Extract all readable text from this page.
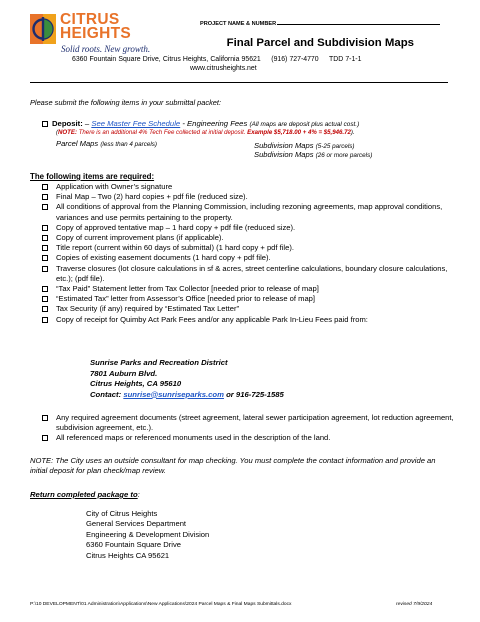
CITRUS
HEIGHTS
Solid roots. New growth.
PROJECT NAME & NUMBER
Final Parcel and Subdivision Maps
6360 Fountain Square Drive, Citrus Heights, California 95621     (916) 727-4770     TDD 7-1-1
www.citrusheights.net
Please submit the following items in your submittal packet:
Deposit: – See Master Fee Schedule - Engineering Fees (All maps are deposit plus actual cost.)
(NOTE: There is an additional 4% Tech Fee collected at initial deposit. Example $5,718.00 + 4% = $5,946.72).
Parcel Maps (less than 4 parcels)	Subdivision Maps (5-25 parcels)
Subdivision Maps (26 or more parcels)
The following items are required:
Application with Owner’s signature
Final Map – Two (2) hard copies + pdf file (reduced size).
All conditions of approval from the Planning Commission, including rezoning agreements, map approval conditions, variances and use permits pertaining to the property.
Copy of approved tentative map – 1 hard copy + pdf file (reduced size).
Copy of current improvement plans (if applicable).
Title report (current within 60 days of submittal) (1 hard copy + pdf file).
Copies of existing easement documents (1 hard copy + pdf file).
Traverse closures (lot closure calculations in sf & acres, street centerline calculations, boundary closure calculations, etc.); (pdf file).
“Tax Paid” Statement letter from Tax Collector [needed prior to release of map]
“Estimated Tax” letter from Assessor’s Office [needed prior to release of map]
Tax Security (if any) required by “Estimated Tax Letter”
Copy of receipt for Quimby Act Park Fees and/or any applicable Park In-Lieu Fees paid from:
Sunrise Parks and Recreation District
7801 Auburn Blvd.
Citrus Heights, CA 95610
Contact: sunrise@sunriseparks.com or 916-725-1585
Any required agreement documents (street agreement, lateral sewer participation agreement, lot reduction agreement, subdivision agreement, etc.).
All referenced maps or referenced monuments used in the description of the land.
NOTE: The City uses an outside consultant for map checking. You must complete the contact information and provide an initial deposit for plan check/map review.
Return completed package to:
City of Citrus Heights
General Services Department
Engineering & Development Division
6360 Fountain Square Drive
Citrus Heights CA 95621
P:\10 DEVELOPMENT\01 Administration\Applications\New Applications\2024 Parcel Maps & Final Maps Submittals.docx	revised 7/9/2024
